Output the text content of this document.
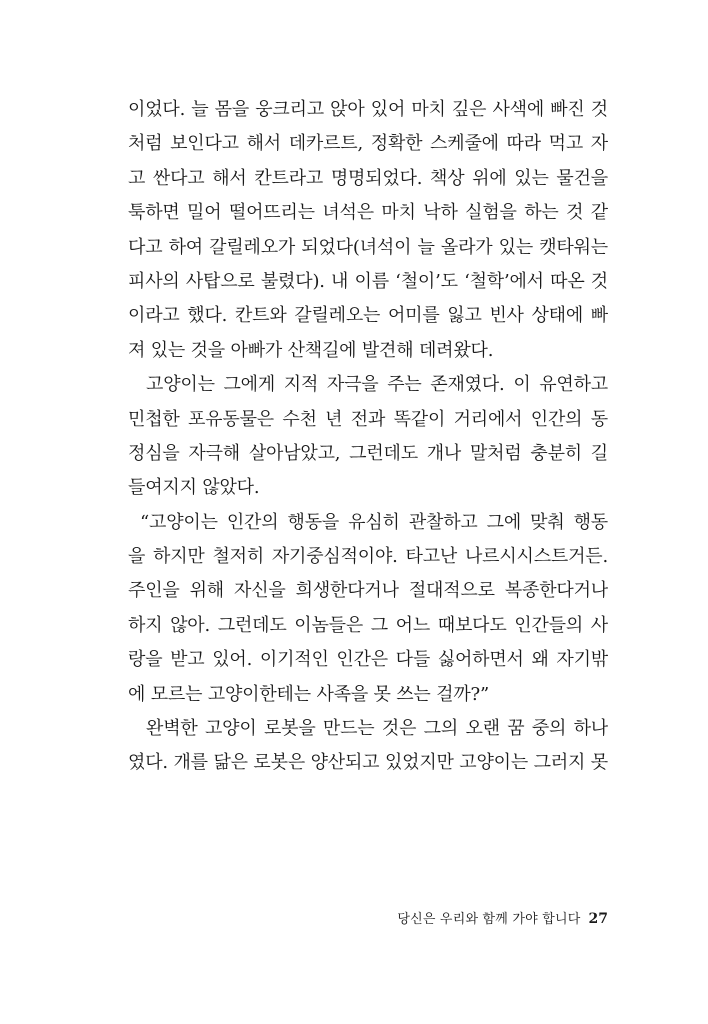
이었다. 늘 몸을 웅크리고 앉아 있어 마치 깊은 사색에 빠진 것
처럼 보인다고 해서 데카르트, 정확한 스케줄에 따라 먹고 자
고 싼다고 해서 칸트라고 명명되었다. 책상 위에 있는 물건을
툭하면 밀어 떨어뜨리는 녀석은 마치 낙하 실험을 하는 것 같
다고 하여 갈릴레오가 되었다(녀석이 늘 올라가 있는 캣타워는
피사의 사탑으로 불렸다). 내 이름 ‘철이’도 ‘철학’에서 따온 것
이라고 했다. 칸트와 갈릴레오는 어미를 잃고 빈사 상태에 빠
져 있는 것을 아빠가 산책길에 발견해 데려왔다.
고양이는 그에게 지적 자극을 주는 존재였다. 이 유연하고
민첩한 포유동물은 수천 년 전과 똑같이 거리에서 인간의 동
정심을 자극해 살아남았고, 그런데도 개나 말처럼 충분히 길
들여지지 않았다.
“고양이는 인간의 행동을 유심히 관찰하고 그에 맞춰 행동
을 하지만 철저히 자기중심적이야. 타고난 나르시시스트거든.
주인을 위해 자신을 희생한다거나 절대적으로 복종한다거나
하지 않아. 그런데도 이놈들은 그 어느 때보다도 인간들의 사
랑을 받고 있어. 이기적인 인간은 다들 싫어하면서 왜 자기밖
에 모르는 고양이한테는 사족을 못 쓰는 걸까?”
완벽한 고양이 로봇을 만드는 것은 그의 오랜 꿈 중의 하나
였다. 개를 닮은 로봇은 양산되고 있었지만 고양이는 그러지 못
당신은 우리와 함께 가야 합니다 27
